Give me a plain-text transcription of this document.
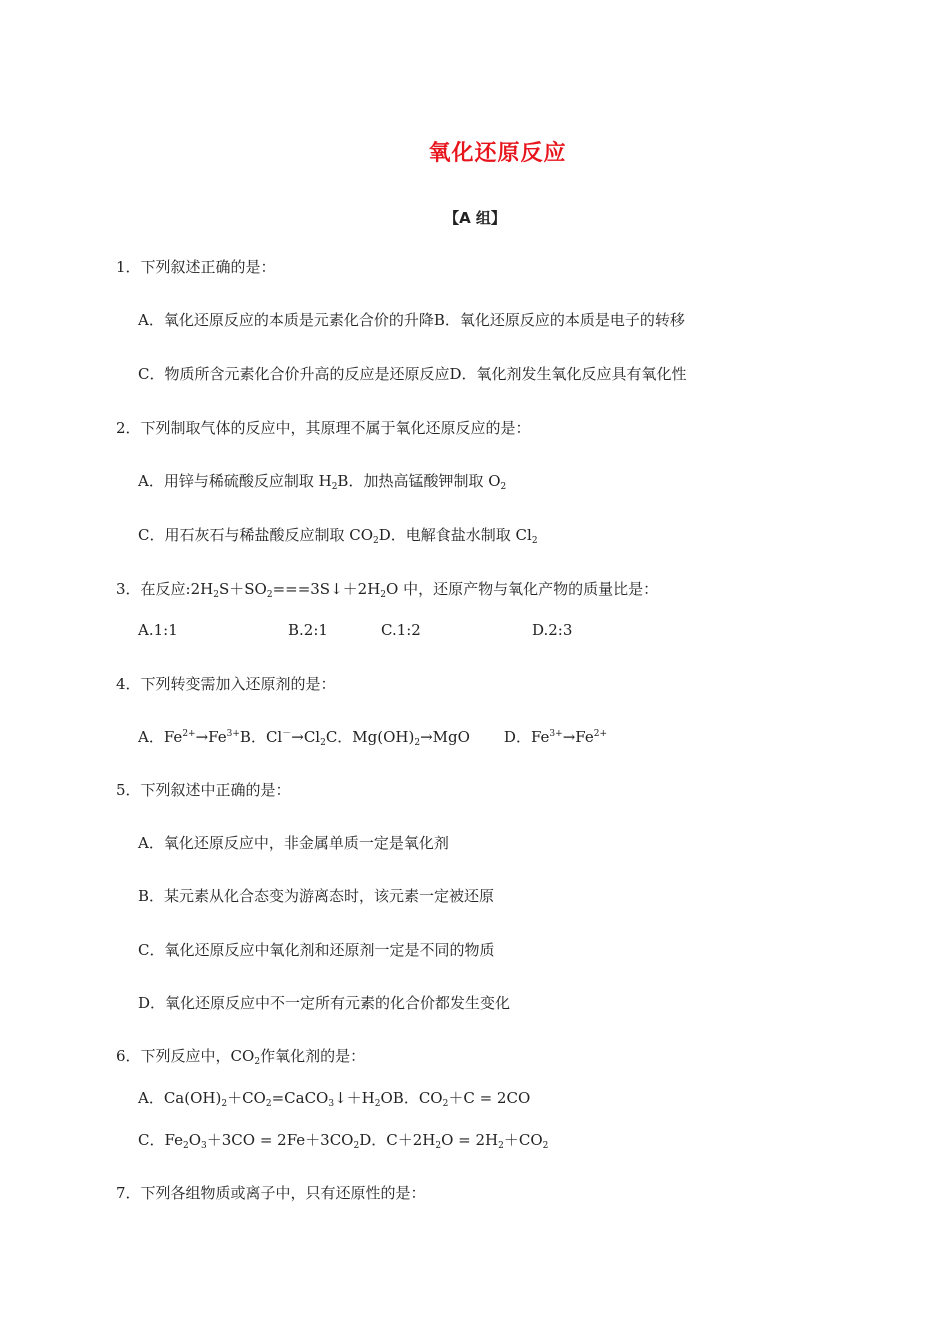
氧化还原反应
【A 组】
1．下列叙述正确的是：
A．氧化还原反应的本质是元素化合价的升降B．氧化还原反应的本质是电子的转移
C．物质所含元素化合价升高的反应是还原反应D．氧化剂发生氧化反应具有氧化性
2．下列制取气体的反应中，其原理不属于氧化还原反应的是：
A．用锌与稀硫酸反应制取 $H_2B$．加热高锰酸钾制取 $O_2$
C．用石灰石与稀盐酸反应制取 $CO_2D$．电解食盐水制取 $Cl_2$
3．在反应$:2H_2S+SO_2===3S↓+2H_2O$ 中，还原产物与氧化产物的质量比是：
A.1:1	B.2:1	C.1:2	D.2:3
4．下列转变需加入还原剂的是：
A．$Fe^{2+}\to Fe^{3+}B$．$Cl^-\to Cl_2C$．$Mg(OH)_2\to MgO$ D．$Fe^{3+}\to Fe^{2+}$
5．下列叙述中正确的是：
A．氧化还原反应中，非金属单质一定是氧化剂
B．某元素从化合态变为游离态时，该元素一定被还原
C．氧化还原反应中氧化剂和还原剂一定是不同的物质
D．氧化还原反应中不一定所有元素的化合价都发生变化
6．下列反应中，$CO_2$作氧化剂的是：
A．$Ca(OH)_2+CO_2=CaCO_3↓+H_2OB$．$CO_2+C = 2CO$
C．$Fe_2O_3+3CO = 2Fe+3CO_2D$．$C+2H_2O = 2H_2+CO_2$
7．下列各组物质或离子中，只有还原性的是：
